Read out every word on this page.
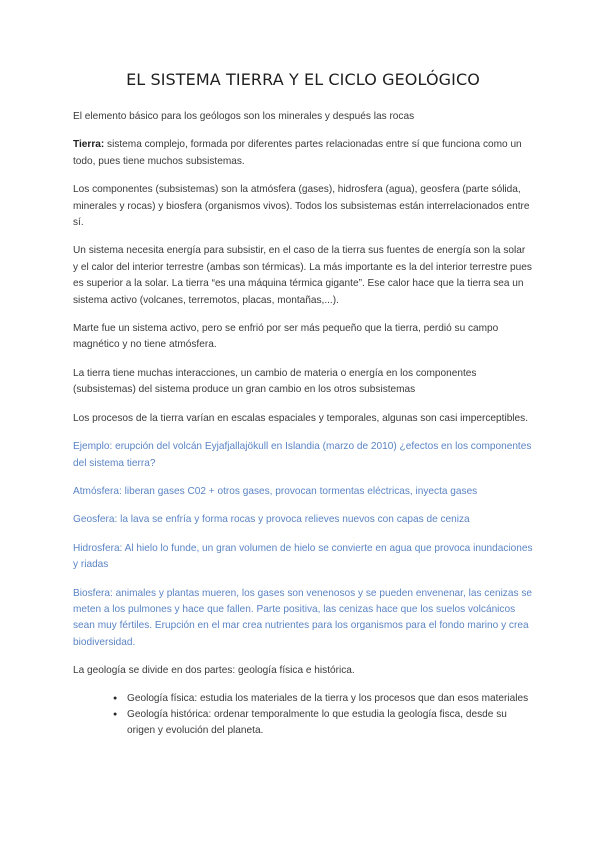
EL SISTEMA TIERRA Y EL CICLO GEOLÓGICO

El elemento básico para los geólogos son los minerales y después las rocas

Tierra: sistema complejo, formada por diferentes partes relacionadas entre sí que funciona como un todo, pues tiene muchos subsistemas.

Los componentes (subsistemas) son la atmósfera (gases), hidrosfera (agua), geosfera (parte sólida, minerales y rocas) y biosfera (organismos vivos). Todos los subsistemas están interrelacionados entre sí.

Un sistema necesita energía para subsistir, en el caso de la tierra sus fuentes de energía son la solar y el calor del interior terrestre (ambas son térmicas). La más importante es la del interior terrestre pues es superior a la solar. La tierra “es una máquina térmica gigante”. Ese calor hace que la tierra sea un sistema activo (volcanes, terremotos, placas, montañas,...).

Marte fue un sistema activo, pero se enfrió por ser más pequeño que la tierra, perdió su campo magnético y no tiene atmósfera.

La tierra tiene muchas interacciones, un cambio de materia o energía en los componentes (subsistemas) del sistema produce un gran cambio en los otros subsistemas

Los procesos de la tierra varían en escalas espaciales y temporales, algunas son casi imperceptibles.

Ejemplo: erupción del volcán Eyjafjallajökull en Islandia (marzo de 2010) ¿efectos en los componentes del sistema tierra?

Atmósfera: liberan gases C02 + otros gases, provocan tormentas eléctricas, inyecta gases

Geosfera: la lava se enfría y forma rocas y provoca relieves nuevos con capas de ceniza

Hidrosfera: Al hielo lo funde, un gran volumen de hielo se convierte en agua que provoca inundaciones y riadas

Biosfera: animales y plantas mueren, los gases son venenosos y se pueden envenenar, las cenizas se meten a los pulmones y hace que fallen. Parte positiva, las cenizas hace que los suelos volcánicos sean muy fértiles. Erupción en el mar crea nutrientes para los organismos para el fondo marino y crea biodiversidad.

La geología se divide en dos partes: geología física e histórica.

● Geología física: estudia los materiales de la tierra y los procesos que dan esos materiales
● Geología histórica: ordenar temporalmente lo que estudia la geología fisca, desde su origen y evolución del planeta.
